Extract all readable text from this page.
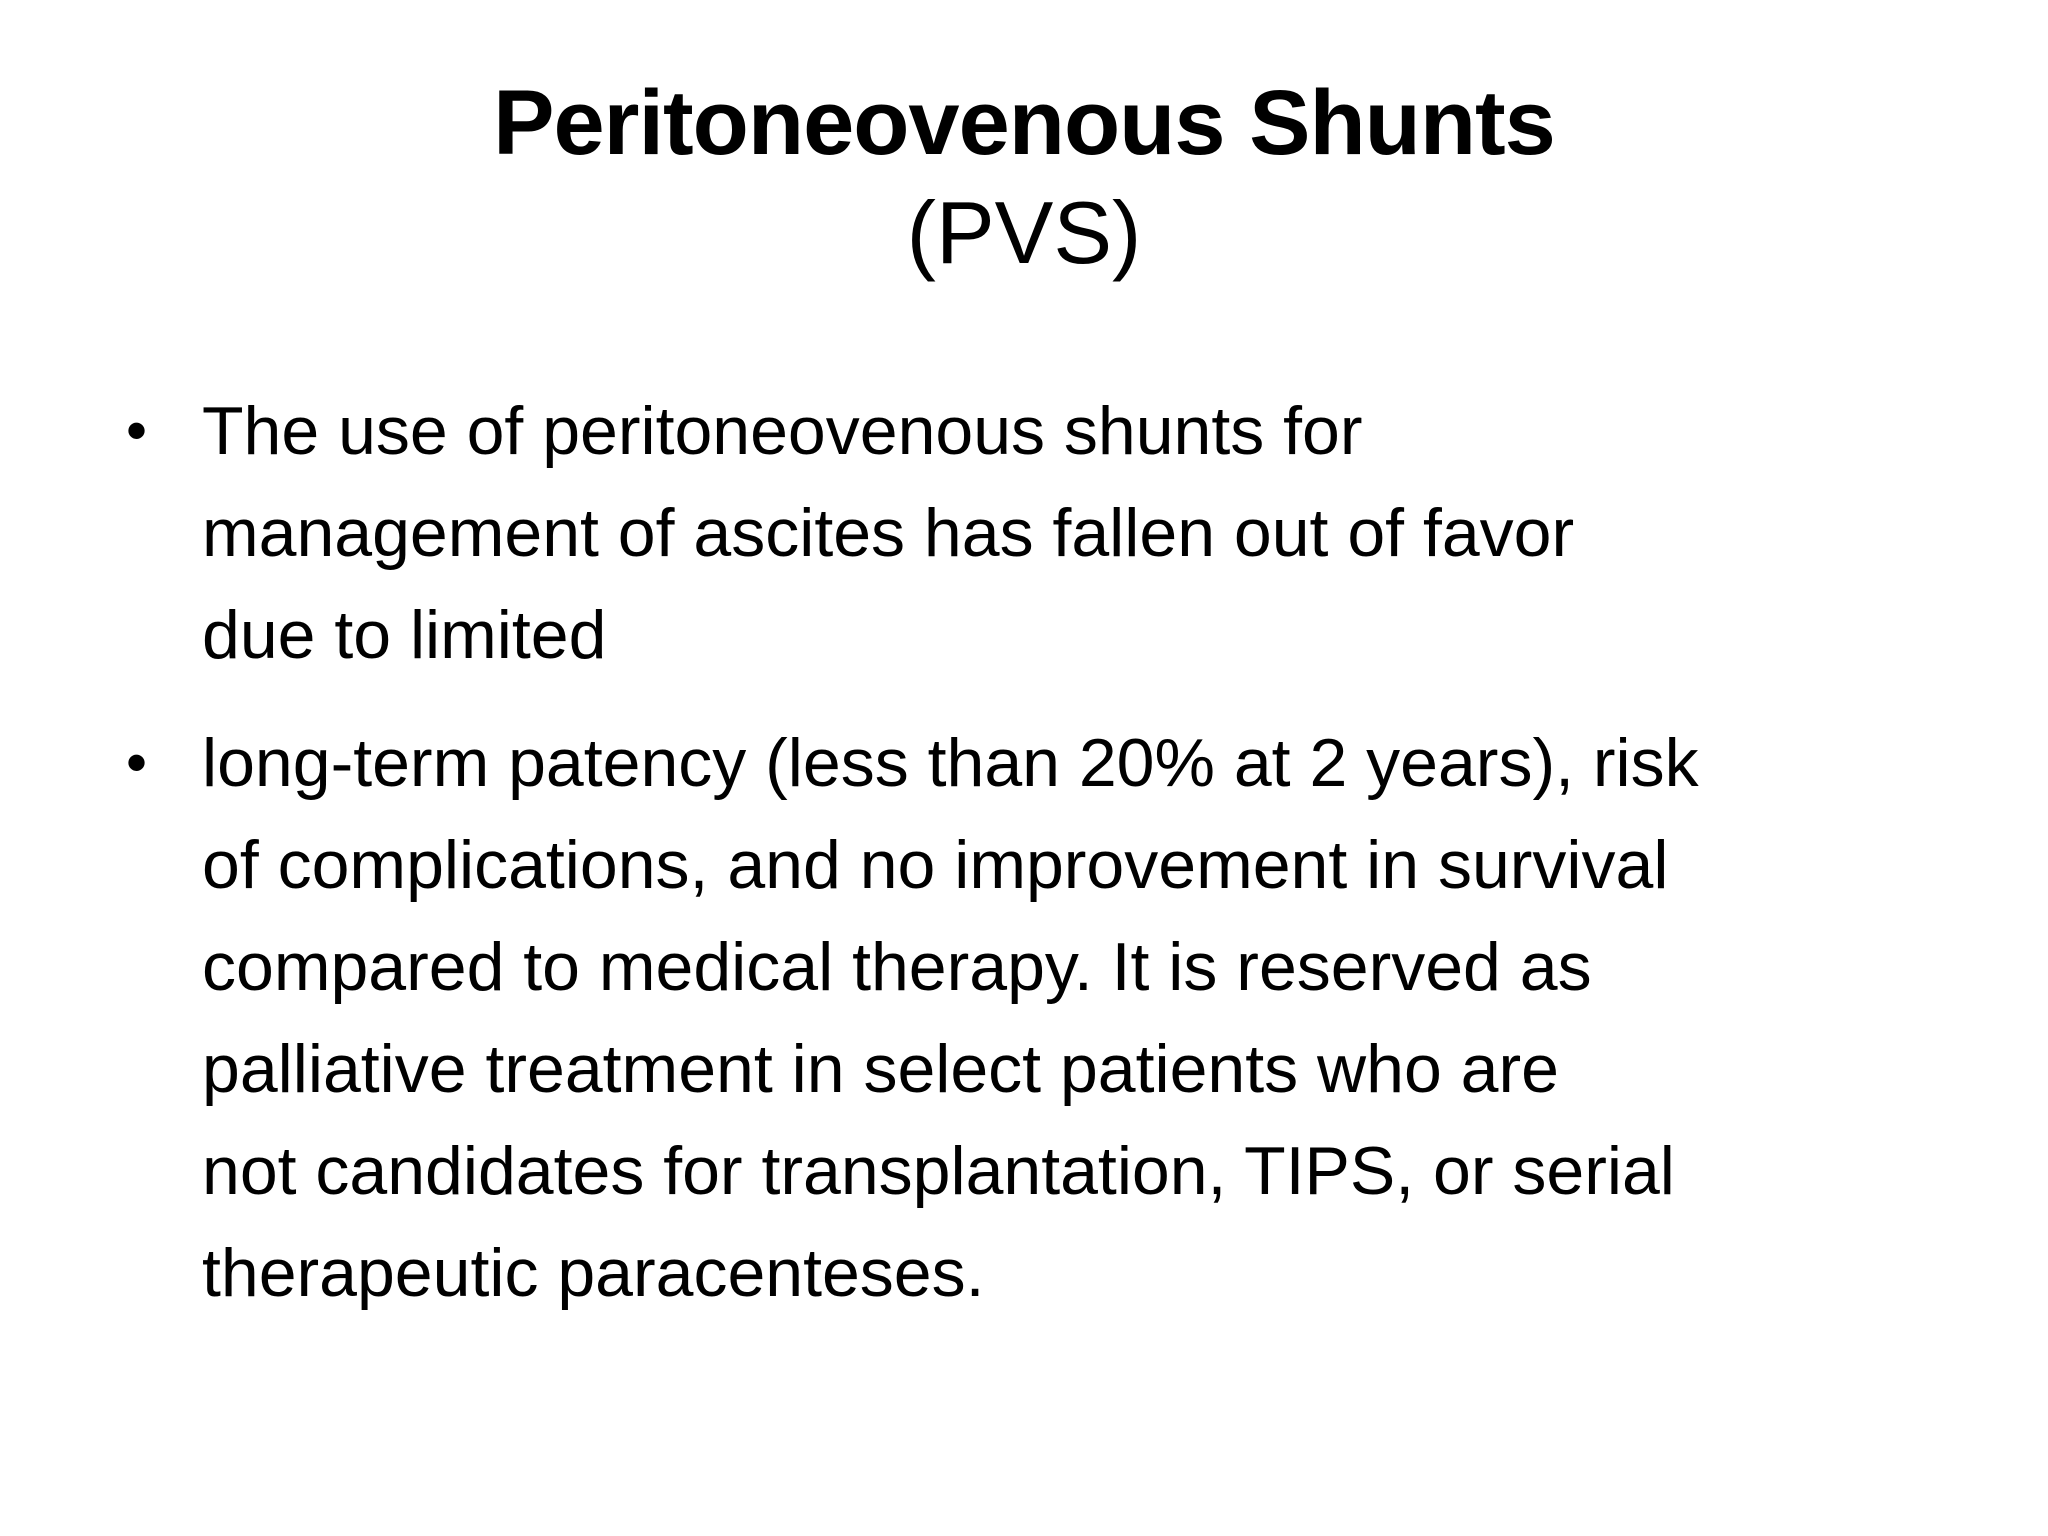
Peritoneovenous Shunts
(PVS)
• The use of peritoneovenous shunts for
management of ascites has fallen out of favor
due to limited
• long-term patency (less than 20% at 2 years), risk
of complications, and no improvement in survival
compared to medical therapy. It is reserved as
palliative treatment in select patients who are
not candidates for transplantation, TIPS, or serial
therapeutic paracenteses.
